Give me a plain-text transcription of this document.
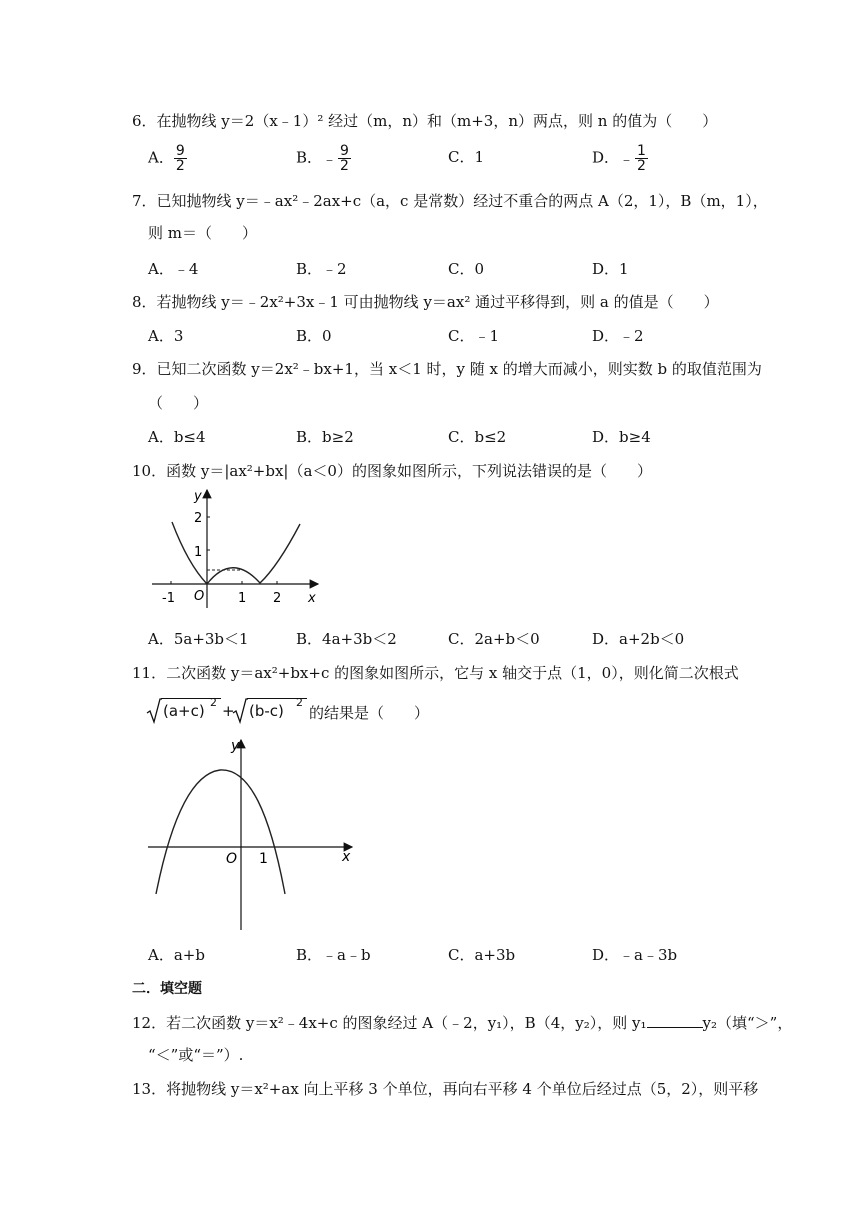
6．在抛物线 y＝2（x﹣1）² 经过（m，n）和（m+3，n）两点，则 n 的值为（　　）
A． $\frac{9}{2}$	B．﹣ $\frac{9}{2}$	C．1	D．﹣ $\frac{1}{2}$
7．已知抛物线 y＝﹣ax²﹣2ax+c（a，c 是常数）经过不重合的两点 A（2，1），B（m，1），
则 m＝（　　）
A．﹣4	B．﹣2	C．0	D．1
8．若抛物线 y＝﹣2x²+3x﹣1 可由抛物线 y＝ax² 通过平移得到，则 a 的值是（　　）
A．3	B．0	C．﹣1	D．﹣2
9．已知二次函数 y＝2x²﹣bx+1，当 x＜1 时，y 随 x 的增大而减小，则实数 b 的取值范围为
（　　）
A．b≤4	B．b≥2	C．b≤2	D．b≥4
10．函数 y＝|ax²+bx|（a＜0）的图象如图所示，下列说法错误的是（　　）
y
x
O
2
1
-1	1 2
A．5a+3b＜1	B．4a+3b＜2	C．2a+b＜0	D．a+2b＜0
11．二次函数 y＝ax²+bx+c 的图象如图所示，它与 x 轴交于点（1，0），则化简二次根式
(a+c) 2 + (b-c) 2
的结果是（　　）
y
x
O 1
A．a+b	B．﹣a﹣b	C．a+3b	D．﹣a﹣3b
二．填空题
12．若二次函数 y＝x²﹣4x+c 的图象经过 A（﹣2，y₁），B（4，y₂），则 y₁	y₂（填“＞”，
“＜”或“＝”）.
13．将抛物线 y＝x²+ax 向上平移 3 个单位，再向右平移 4 个单位后经过点（5，2），则平移
